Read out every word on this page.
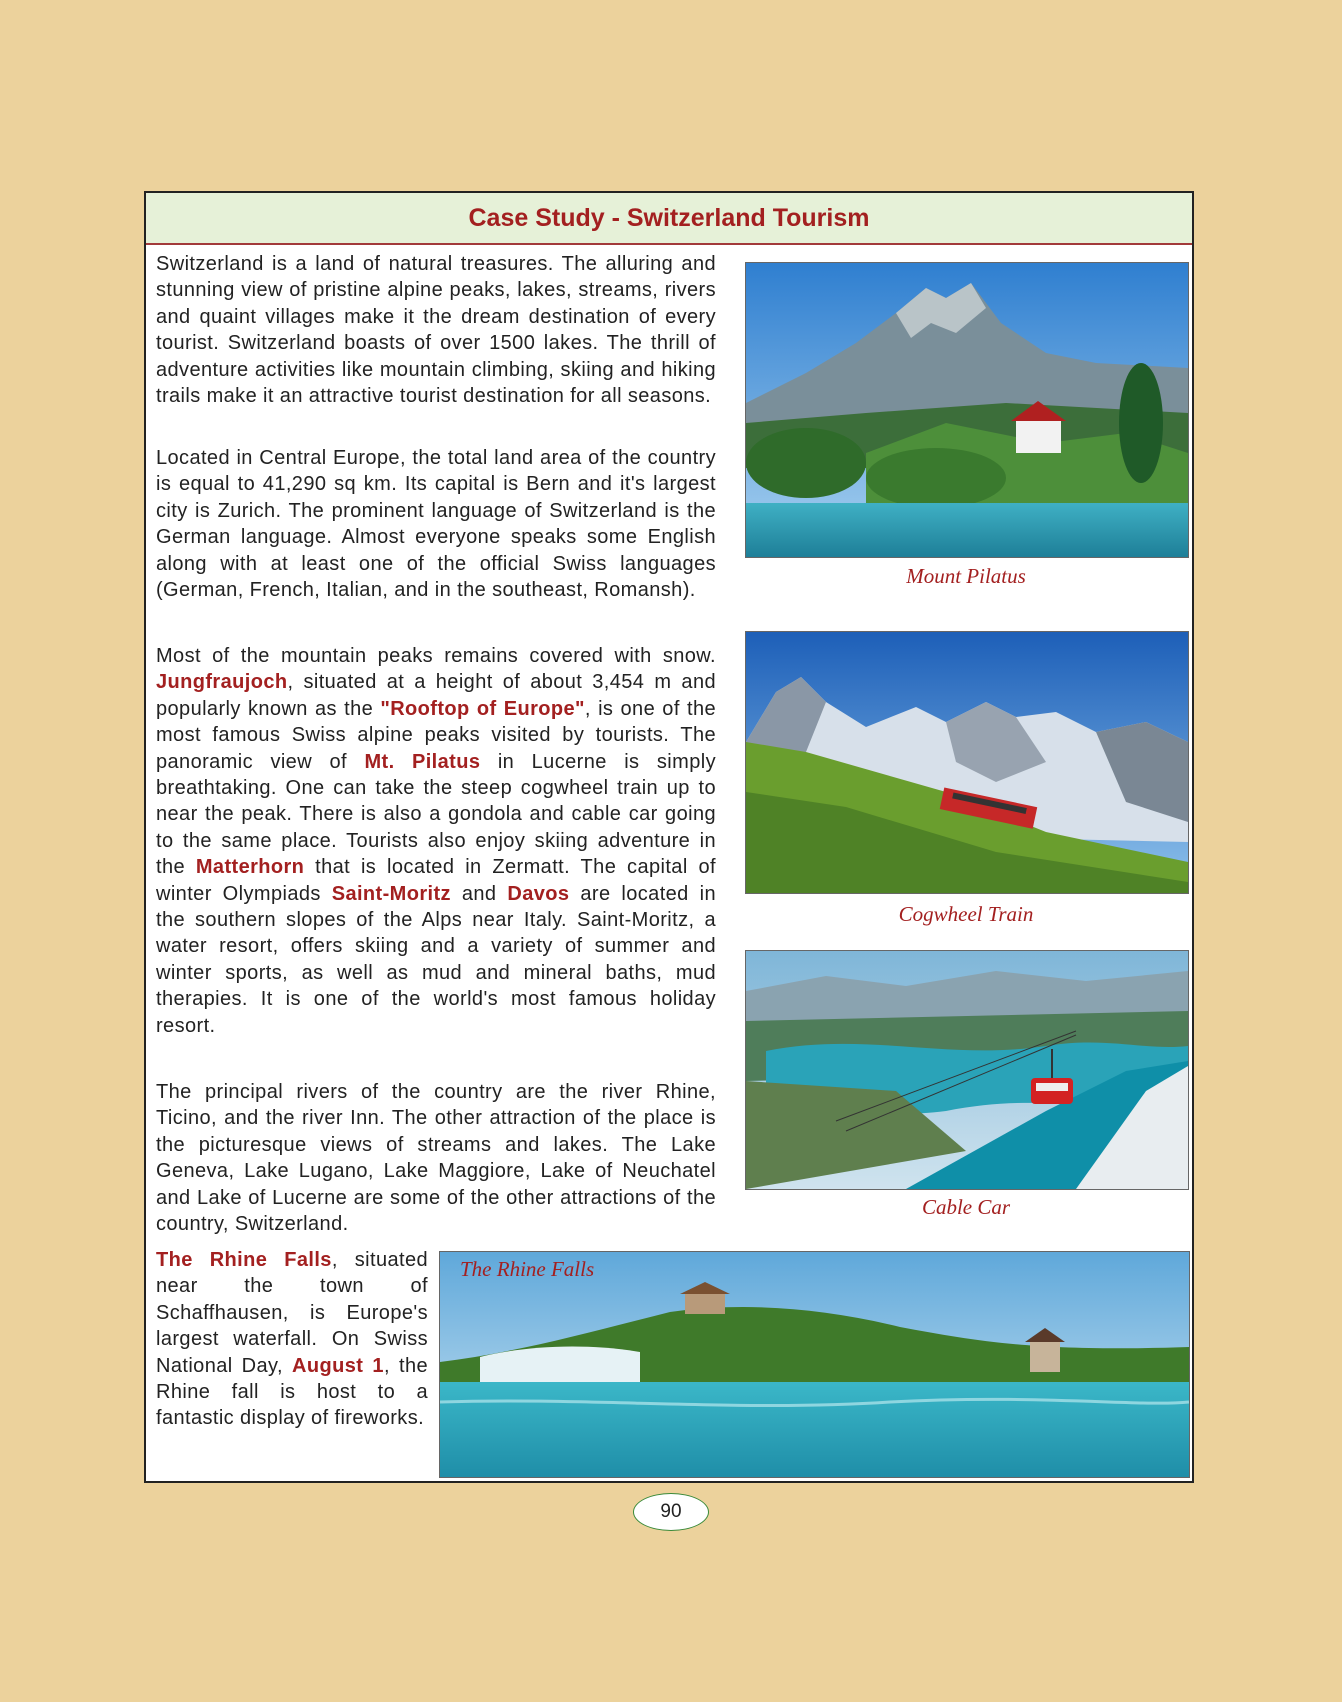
Case Study - Switzerland Tourism

Switzerland is a land of natural treasures. The alluring and stunning view of pristine alpine peaks, lakes, streams, rivers and quaint villages make it the dream destination of every tourist. Switzerland boasts of over 1500 lakes. The thrill of adventure activities like mountain climbing, skiing and hiking trails make it an attractive tourist destination for all seasons.

Located in Central Europe, the total land area of the country is equal to 41,290 sq km. Its capital is Bern and it's largest city is Zurich. The prominent language of Switzerland is the German language. Almost everyone speaks some English along with at least one of the official Swiss languages (German, French, Italian, and in the southeast, Romansh).

Most of the mountain peaks remains covered with snow. Jungfraujoch, situated at a height of about 3,454 m and popularly known as the "Rooftop of Europe", is one of the most famous Swiss alpine peaks visited by tourists. The panoramic view of Mt. Pilatus in Lucerne is simply breathtaking. One can take the steep cogwheel train up to near the peak. There is also a gondola and cable car going to the same place. Tourists also enjoy skiing adventure in the Matterhorn that is located in Zermatt. The capital of winter Olympiads Saint-Moritz and Davos are located in the southern slopes of the Alps near Italy. Saint-Moritz, a water resort, offers skiing and a variety of summer and winter sports, as well as mud and mineral baths, mud therapies. It is one of the world's most famous holiday resort.

The principal rivers of the country are the river Rhine, Ticino, and the river Inn. The other attraction of the place is the picturesque views of streams and lakes. The Lake Geneva, Lake Lugano, Lake Maggiore, Lake of Neuchatel and Lake of Lucerne are some of the other attractions of the country, Switzerland.

The Rhine Falls, situated near the town of Schaffhausen, is Europe's largest waterfall. On Swiss National Day, August 1, the Rhine fall is host to a fantastic display of fireworks.

Mount Pilatus
Cogwheel Train
Cable Car
The Rhine Falls
90
